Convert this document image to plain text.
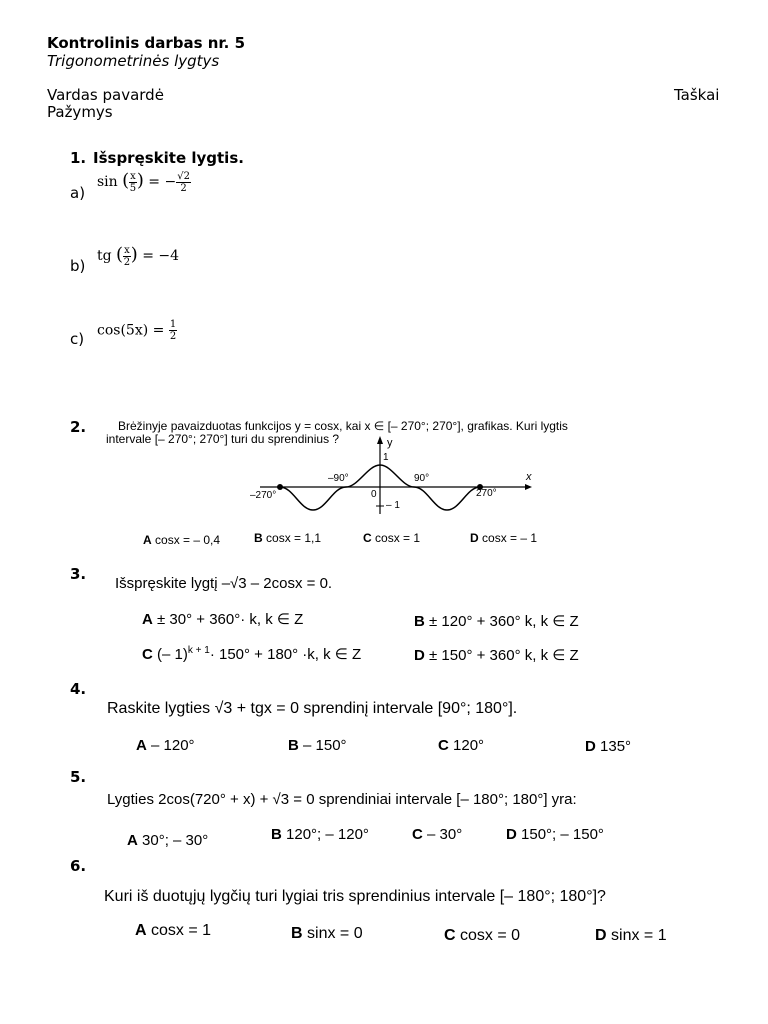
Kontrolinis darbas nr. 5
Trigonometrinės lygtys
Vardas pavardė	Taškai
Pažymys
1. Išspręskite lygtis.
a)
sin ( $\frac{x}{5}$ ) = − $\frac{√2}{2}$
b)
tg ( $\frac{x}{2}$ ) = −4
c) $\cos(5x) = \frac{1}{2}$
2.	Brėžinyje pavaizduotas funkcijos y = cosx, kai x ∈ [– 270°; 270°], grafikas. Kuri lygtis
intervale [– 270°; 270°] turi du sprendinius ?	y
x
1
– 1
0
–90°	90°
–270°	270°
A cosx = – 0,4	B cosx = 1,1	C cosx = 1	D cosx = – 1
3.
Išspręskite lygtį –√3 – 2cosx = 0.
A ± 30° + 360°· k, k ∈ Z	B ± 120° + 360° k, k ∈ Z
C (– 1)$^{k + 1}$· 150° + 180° ·k, k ∈ Z	D ± 150° + 360° k, k ∈ Z
4.
Raskite lygties √3 + tgx = 0 sprendinį intervale [90°; 180°].
A – 120°	B – 150°	C 120°	D 135°
5.
Lygties 2cos(720° + x) + √3 = 0 sprendiniai intervale [– 180°; 180°] yra:
A 30°; – 30°	B 120°; – 120°	C – 30°	D 150°; – 150°
6.
Kuri iš duotųjų lygčių turi lygiai tris sprendinius intervale [– 180°; 180°]?
A cosx = 1	B sinx = 0	C cosx = 0	D sinx = 1
